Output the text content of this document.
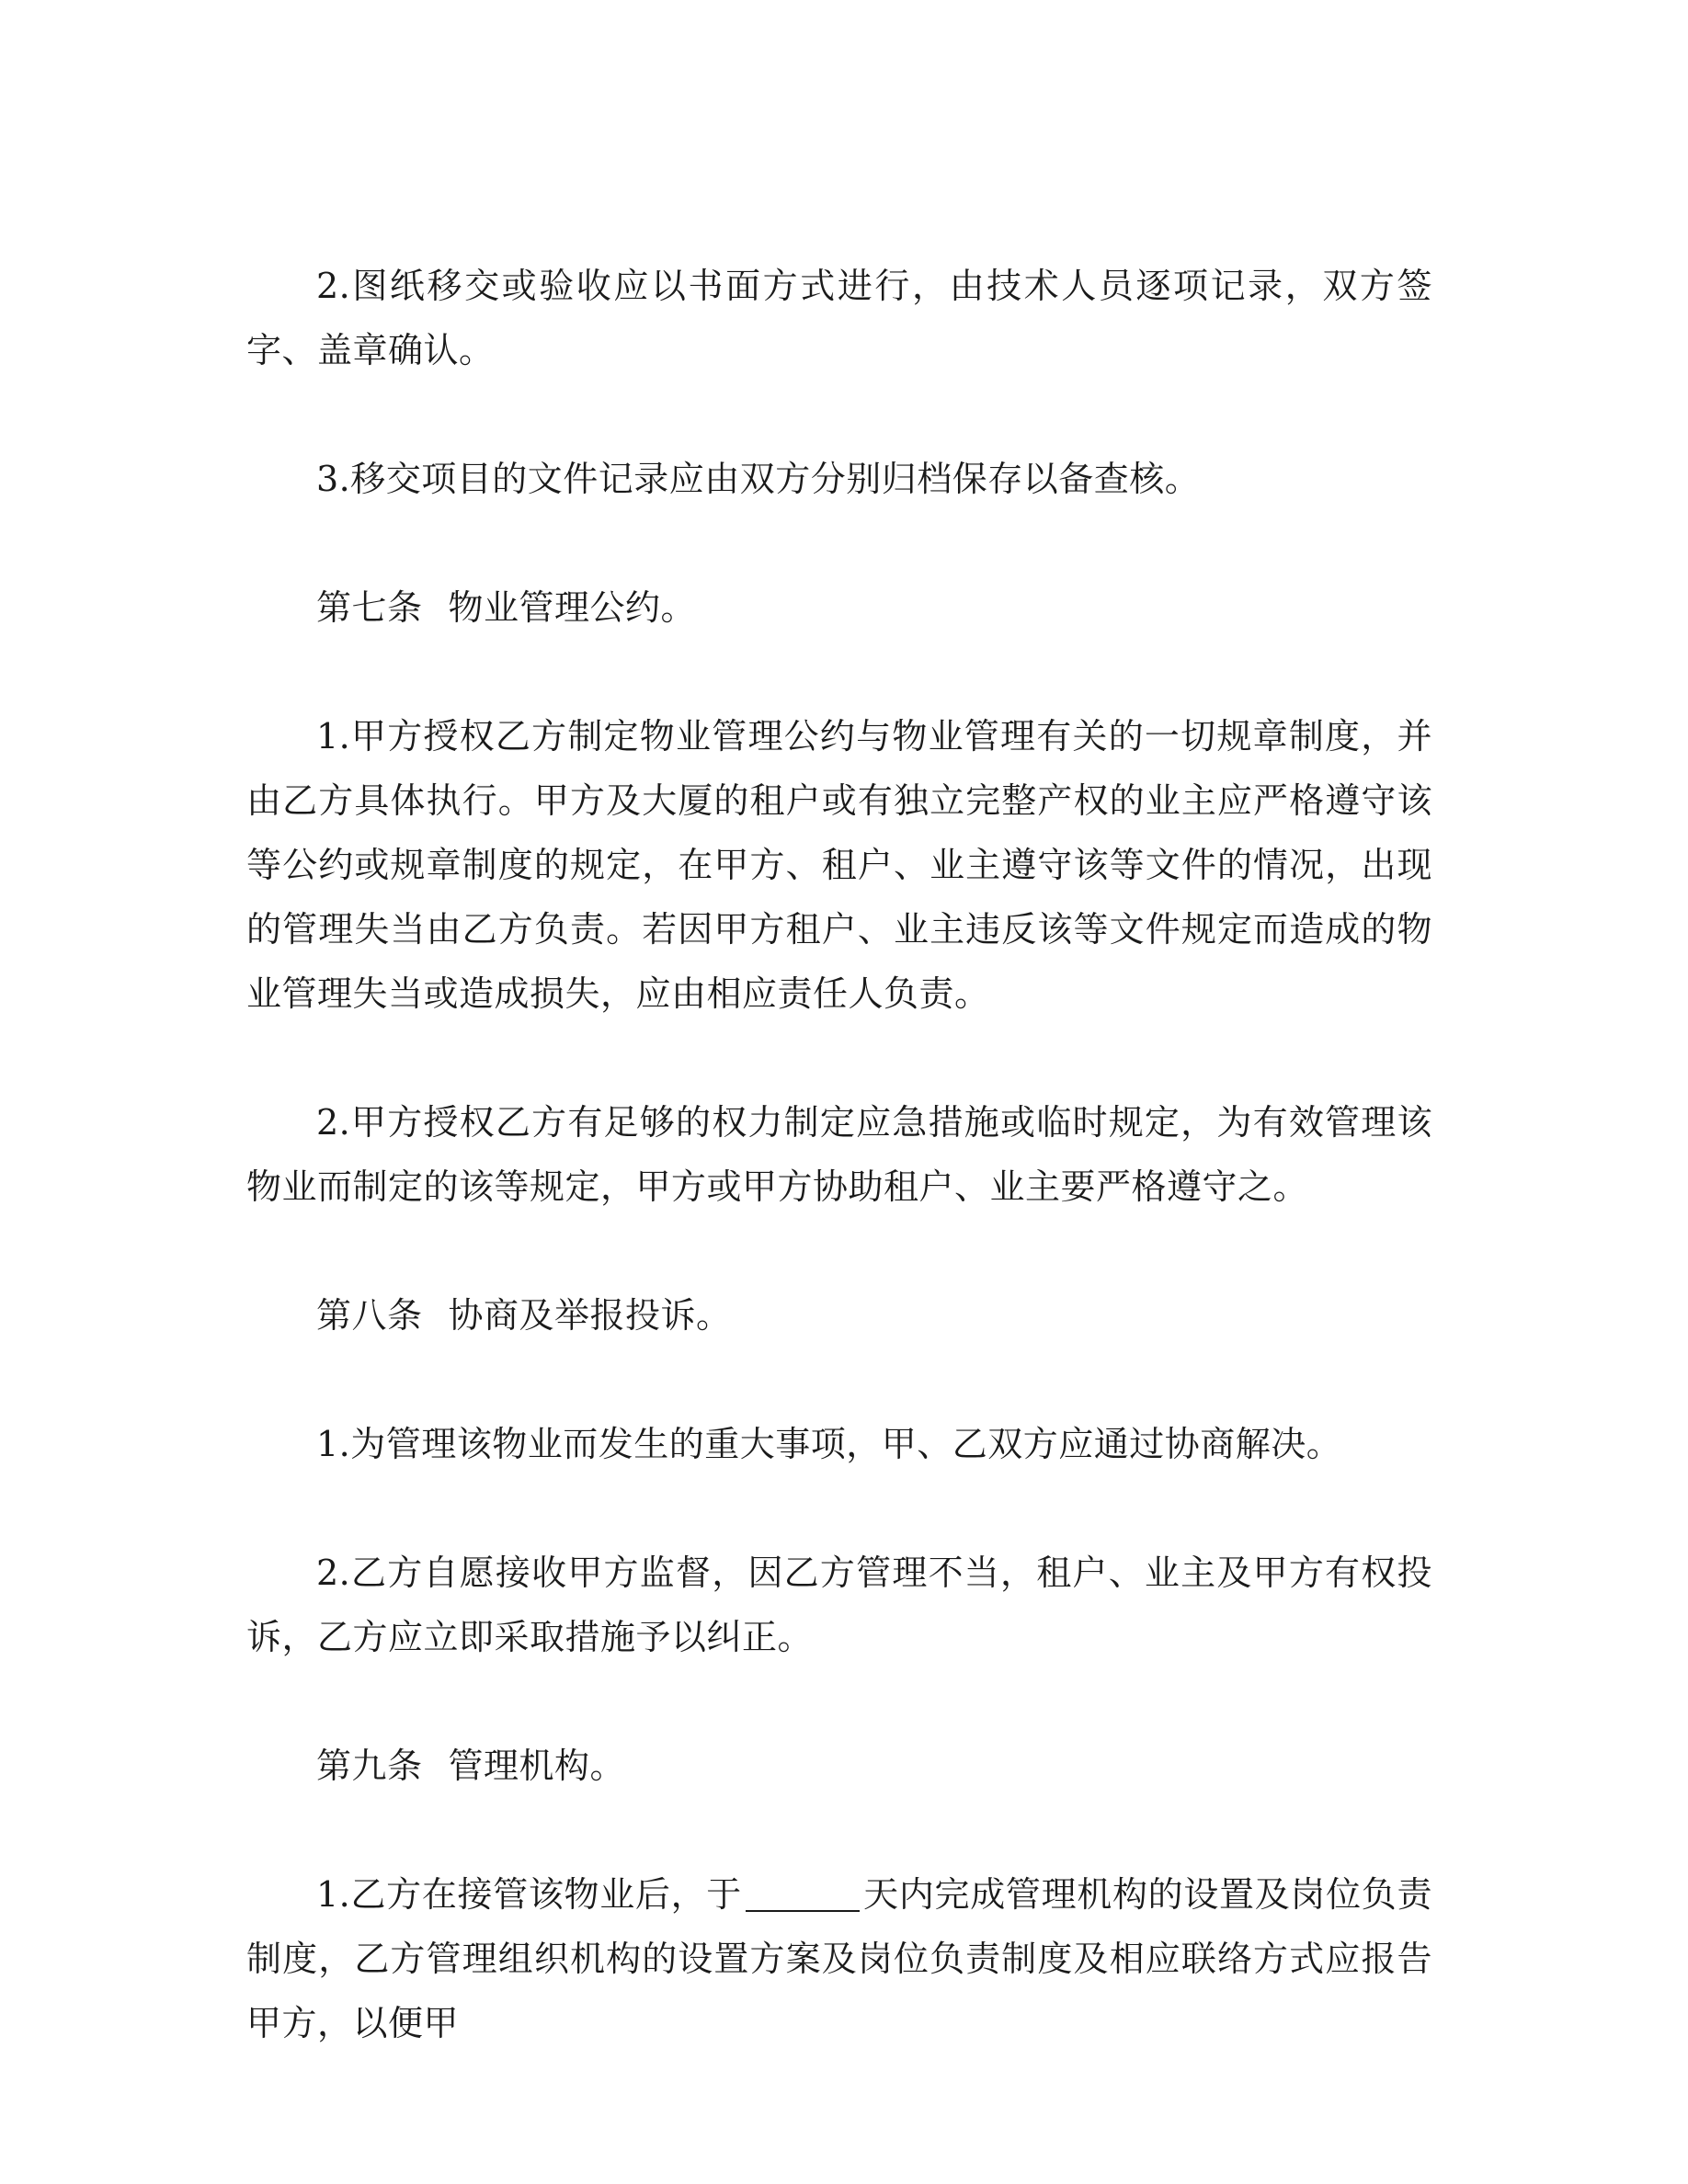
2.图纸移交或验收应以书面方式进行，由技术人员逐项记录，双方签字、盖章确认。

3.移交项目的文件记录应由双方分别归档保存以备查核。

第七条 物业管理公约。

1.甲方授权乙方制定物业管理公约与物业管理有关的一切规章制度，并由乙方具体执行。甲方及大厦的租户或有独立完整产权的业主应严格遵守该等公约或规章制度的规定，在甲方、租户、业主遵守该等文件的情况，出现的管理失当由乙方负责。若因甲方租户、业主违反该等文件规定而造成的物业管理失当或造成损失，应由相应责任人负责。

2.甲方授权乙方有足够的权力制定应急措施或临时规定，为有效管理该物业而制定的该等规定，甲方或甲方协助租户、业主要严格遵守之。

第八条 协商及举报投诉。

1.为管理该物业而发生的重大事项，甲、乙双方应通过协商解决。

2.乙方自愿接收甲方监督，因乙方管理不当，租户、业主及甲方有权投诉，乙方应立即采取措施予以纠正。

第九条 管理机构。

1.乙方在接管该物业后，于	天内完成管理机构的设置及岗位负责制度，乙方管理组织机构的设置方案及岗位负责制度及相应联络方式应报告甲方，以便甲
